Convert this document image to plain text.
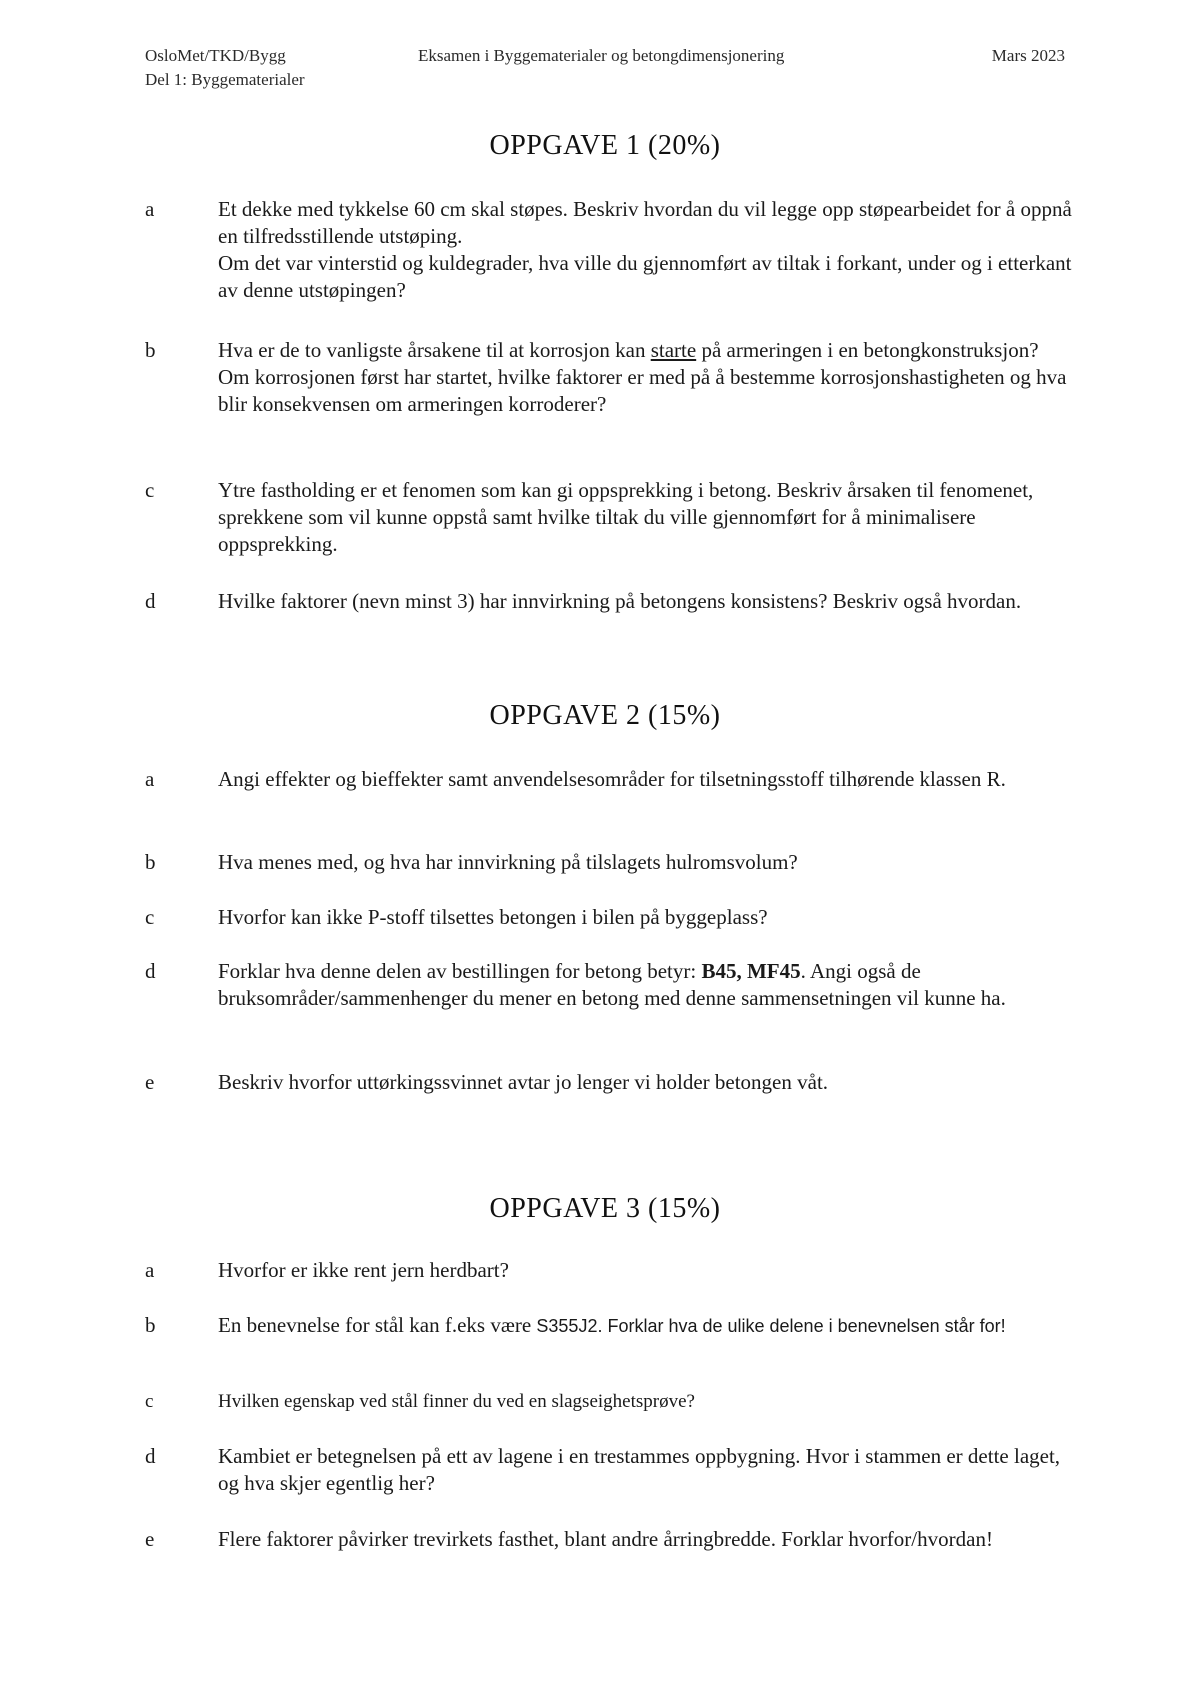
OsloMet/TKD/Bygg
Del 1: Byggematerialer
Eksamen i Byggematerialer og betongdimensjonering	Mars 2023
OPPGAVE 1 (20%)
a	Et dekke med tykkelse 60 cm skal støpes. Beskriv hvordan du vil legge opp støpearbeidet for å oppnå en tilfredsstillende utstøping.

Om det var vinterstid og kuldegrader, hva ville du gjennomført av tiltak i forkant, under og i etterkant av denne utstøpingen?

b	Hva er de to vanligste årsakene til at korrosjon kan starte på armeringen i en betongkonstruksjon?

Om korrosjonen først har startet, hvilke faktorer er med på å bestemme korrosjonshastigheten og hva blir konsekvensen om armeringen korroderer?

c	Ytre fastholding er et fenomen som kan gi oppsprekking i betong. Beskriv årsaken til fenomenet, sprekkene som vil kunne oppstå samt hvilke tiltak du ville gjennomført for å minimalisere oppsprekking.

d	Hvilke faktorer (nevn minst 3) har innvirkning på betongens konsistens? Beskriv også hvordan.

OPPGAVE 2 (15%)
a	Angi effekter og bieffekter samt anvendelsesområder for tilsetningsstoff tilhørende klassen R.

b	Hva menes med, og hva har innvirkning på tilslagets hulromsvolum?

c	Hvorfor kan ikke P-stoff tilsettes betongen i bilen på byggeplass?

d	Forklar hva denne delen av bestillingen for betong betyr: B45, MF45. Angi også de bruksområder/sammenhenger du mener en betong med denne sammensetningen vil kunne ha.

e	Beskriv hvorfor uttørkingssvinnet avtar jo lenger vi holder betongen våt.

OPPGAVE 3 (15%)
a	Hvorfor er ikke rent jern herdbart?

b	En benevnelse for stål kan f.eks være S355J2. Forklar hva de ulike delene i benevnelsen står for!

c	Hvilken egenskap ved stål finner du ved en slagseighetsprøve?

d	Kambiet er betegnelsen på ett av lagene i en trestammes oppbygning. Hvor i stammen er dette laget, og hva skjer egentlig her?

e	Flere faktorer påvirker trevirkets fasthet, blant andre årringbredde. Forklar hvorfor/hvordan!
